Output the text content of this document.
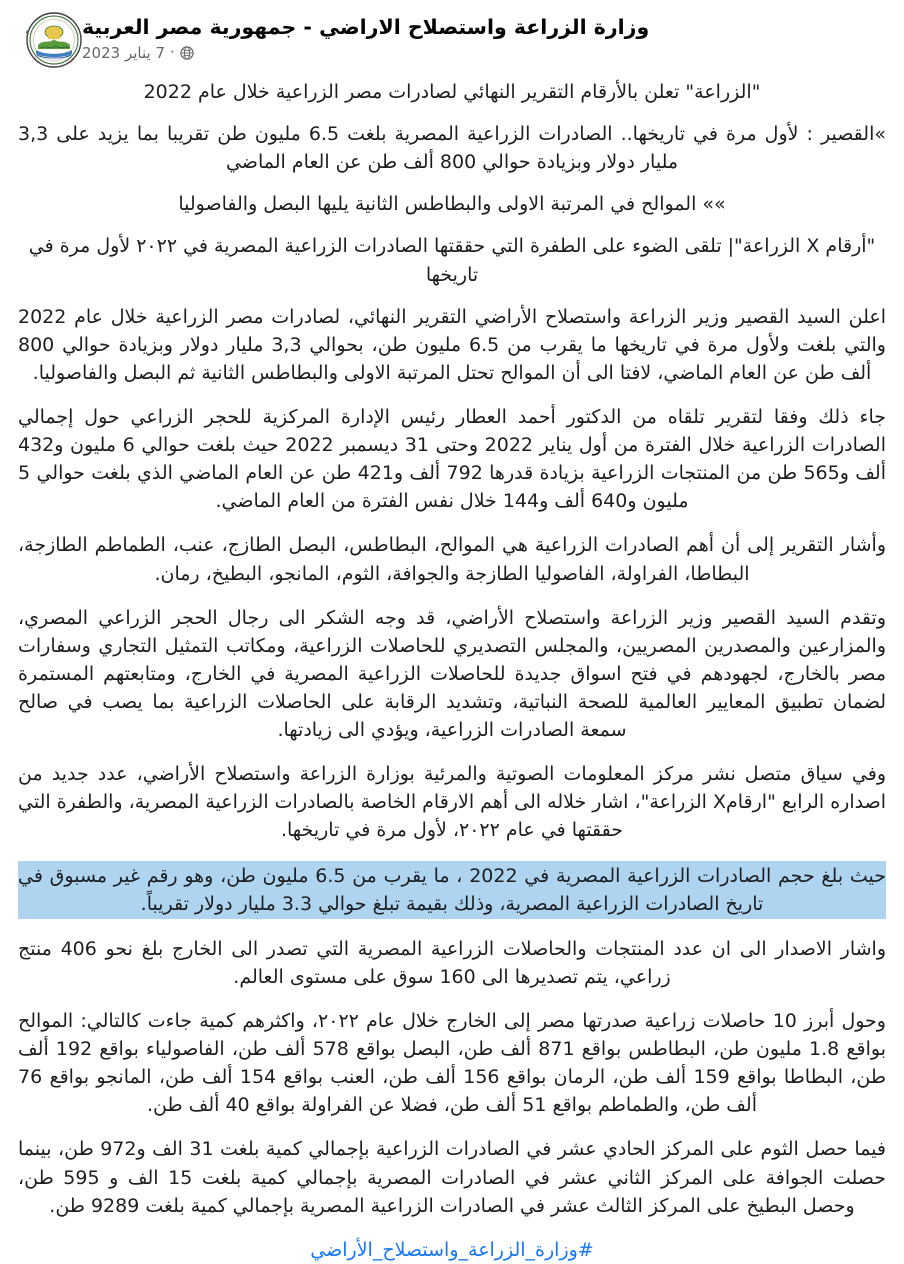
وزارة الزراعة واستصلاح الاراضي - جمهورية مصر العربية
·
7 يناير 2023

"الزراعة" تعلن بالأرقام التقرير النهائي لصادرات مصر الزراعية خلال عام 2022

»القصير : لأول مرة في تاريخها.. الصادرات الزراعية المصرية بلغت 6.5 مليون طن تقريبا بما يزيد على 3,3 مليار دولار وبزيادة حوالي 800 ألف طن عن العام الماضي

»» الموالح في المرتبة الاولى والبطاطس الثانية يليها البصل والفاصوليا

"أرقام X الزراعة"| تلقى الضوء على الطفرة التي حققتها الصادرات الزراعية المصرية في ٢٠٢٢ لأول مرة في تاريخها

اعلن السيد القصير وزير الزراعة واستصلاح الأراضي التقرير النهائي، لصادرات مصر الزراعية خلال عام 2022 والتي بلغت ولأول مرة في تاريخها ما يقرب من 6.5 مليون طن، بحوالي 3,3 مليار دولار وبزيادة حوالي 800 ألف طن عن العام الماضي، لافتا الى أن الموالح تحتل المرتبة الاولى والبطاطس الثانية ثم البصل والفاصوليا.

جاء ذلك وفقا لتقرير تلقاه من الدكتور أحمد العطار رئيس الإدارة المركزية للحجر الزراعي حول إجمالي الصادرات الزراعية خلال الفترة من أول يناير 2022 وحتى 31 ديسمبر 2022 حيث بلغت حوالي 6 مليون و432 ألف و565 طن من المنتجات الزراعية بزيادة قدرها 792 ألف و421 طن عن العام الماضي الذي بلغت حوالي 5 مليون و640 ألف و144 خلال نفس الفترة من العام الماضي.

وأشار التقرير إلى أن أهم الصادرات الزراعية هي الموالح، البطاطس، البصل الطازج، عنب، الطماطم الطازجة، البطاطا، الفراولة، الفاصوليا الطازجة والجوافة، الثوم، المانجو، البطيخ، رمان.

وتقدم السيد القصير وزير الزراعة واستصلاح الأراضي، قد وجه الشكر الى رجال الحجر الزراعي المصري، والمزارعين والمصدرين المصريين، والمجلس التصديري للحاصلات الزراعية، ومكاتب التمثيل التجاري وسفارات مصر بالخارج، لجهودهم في فتح اسواق جديدة للحاصلات الزراعية المصرية في الخارج، ومتابعتهم المستمرة لضمان تطبيق المعايير العالمية للصحة النباتية، وتشديد الرقابة على الحاصلات الزراعية بما يصب في صالح سمعة الصادرات الزراعية، ويؤدي الى زيادتها.

وفي سياق متصل نشر مركز المعلومات الصوتية والمرئية بوزارة الزراعة واستصلاح الأراضي، عدد جديد من اصداره الرابع "ارقامX الزراعة"، اشار خلاله الى أهم الارقام الخاصة بالصادرات الزراعية المصرية، والطفرة التي حققتها في عام ٢٠٢٢، لأول مرة في تاريخها.

حيث بلغ حجم الصادرات الزراعية المصرية في 2022 ، ما يقرب من 6.5 مليون طن، وهو رقم غير مسبوق في تاريخ الصادرات الزراعية المصرية، وذلك بقيمة تبلغ حوالي 3.3 مليار دولار تقريباً.

واشار الاصدار الى ان عدد المنتجات والحاصلات الزراعية المصرية التي تصدر الى الخارج بلغ نحو 406 منتج زراعي، يتم تصديرها الى 160 سوق على مستوى العالم.

وحول أبرز 10 حاصلات زراعية صدرتها مصر إلى الخارج خلال عام ٢٠٢٢، واكثرهم كمية جاءت كالتالي: الموالح بواقع 1.8 مليون طن، البطاطس بواقع 871 ألف طن، البصل بواقع 578 ألف طن، الفاصولياء بواقع 192 ألف طن، البطاطا بواقع 159 ألف طن، الرمان بواقع 156 ألف طن، العنب بواقع 154 ألف طن، المانجو بواقع 76 ألف طن، والطماطم بواقع 51 ألف طن، فضلا عن الفراولة بواقع 40 ألف طن.

فيما حصل الثوم على المركز الحادي عشر في الصادرات الزراعية بإجمالي كمية بلغت 31 الف و972 طن، بينما حصلت الجوافة على المركز الثاني عشر في الصادرات المصرية بإجمالي كمية بلغت 15 الف و 595 طن، وحصل البطيخ على المركز الثالث عشر في الصادرات الزراعية المصرية بإجمالي كمية بلغت 9289 طن.

#وزارة_الزراعة_واستصلاح_الأراضي
